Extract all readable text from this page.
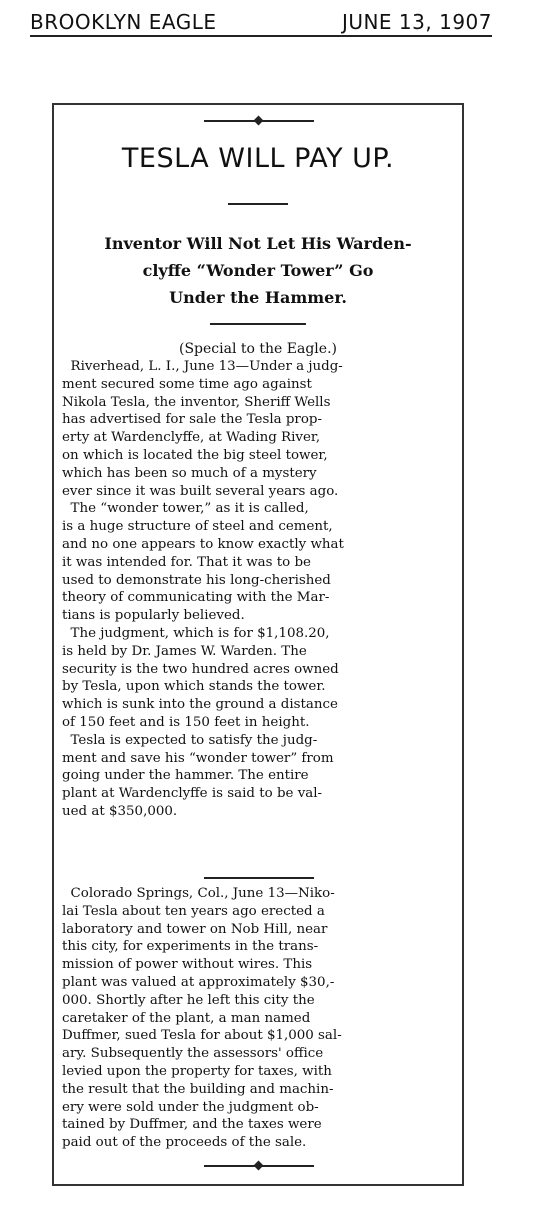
BROOKLYN EAGLE	JUNE 13, 1907
TESLA WILL PAY UP.
Inventor Will Not Let His Warden-
clyffe “Wonder Tower” Go
Under the Hammer.
(Special to the Eagle.)
Riverhead, L. I., June 13—Under a judg-
ment secured some time ago against
Nikola Tesla, the inventor, Sheriff Wells
has advertised for sale the Tesla prop-
erty at Wardenclyffe, at Wading River,
on which is located the big steel tower,
which has been so much of a mystery
ever since it was built several years ago.
The “wonder tower,” as it is called,
is a huge structure of steel and cement,
and no one appears to know exactly what
it was intended for. That it was to be
used to demonstrate his long-cherished
theory of communicating with the Mar-
tians is popularly believed.
The judgment, which is for $1,108.20,
is held by Dr. James W. Warden. The
security is the two hundred acres owned
by Tesla, upon which stands the tower.
which is sunk into the ground a distance
of 150 feet and is 150 feet in height.
Tesla is expected to satisfy the judg-
ment and save his “wonder tower” from
going under the hammer. The entire
plant at Wardenclyffe is said to be val-
ued at $350,000.
Colorado Springs, Col., June 13—Niko-
lai Tesla about ten years ago erected a
laboratory and tower on Nob Hill, near
this city, for experiments in the trans-
mission of power without wires. This
plant was valued at approximately $30,-
000. Shortly after he left this city the
caretaker of the plant, a man named
Duffmer, sued Tesla for about $1,000 sal-
ary. Subsequently the assessors' office
levied upon the property for taxes, with
the result that the building and machin-
ery were sold under the judgment ob-
tained by Duffmer, and the taxes were
paid out of the proceeds of the sale.
